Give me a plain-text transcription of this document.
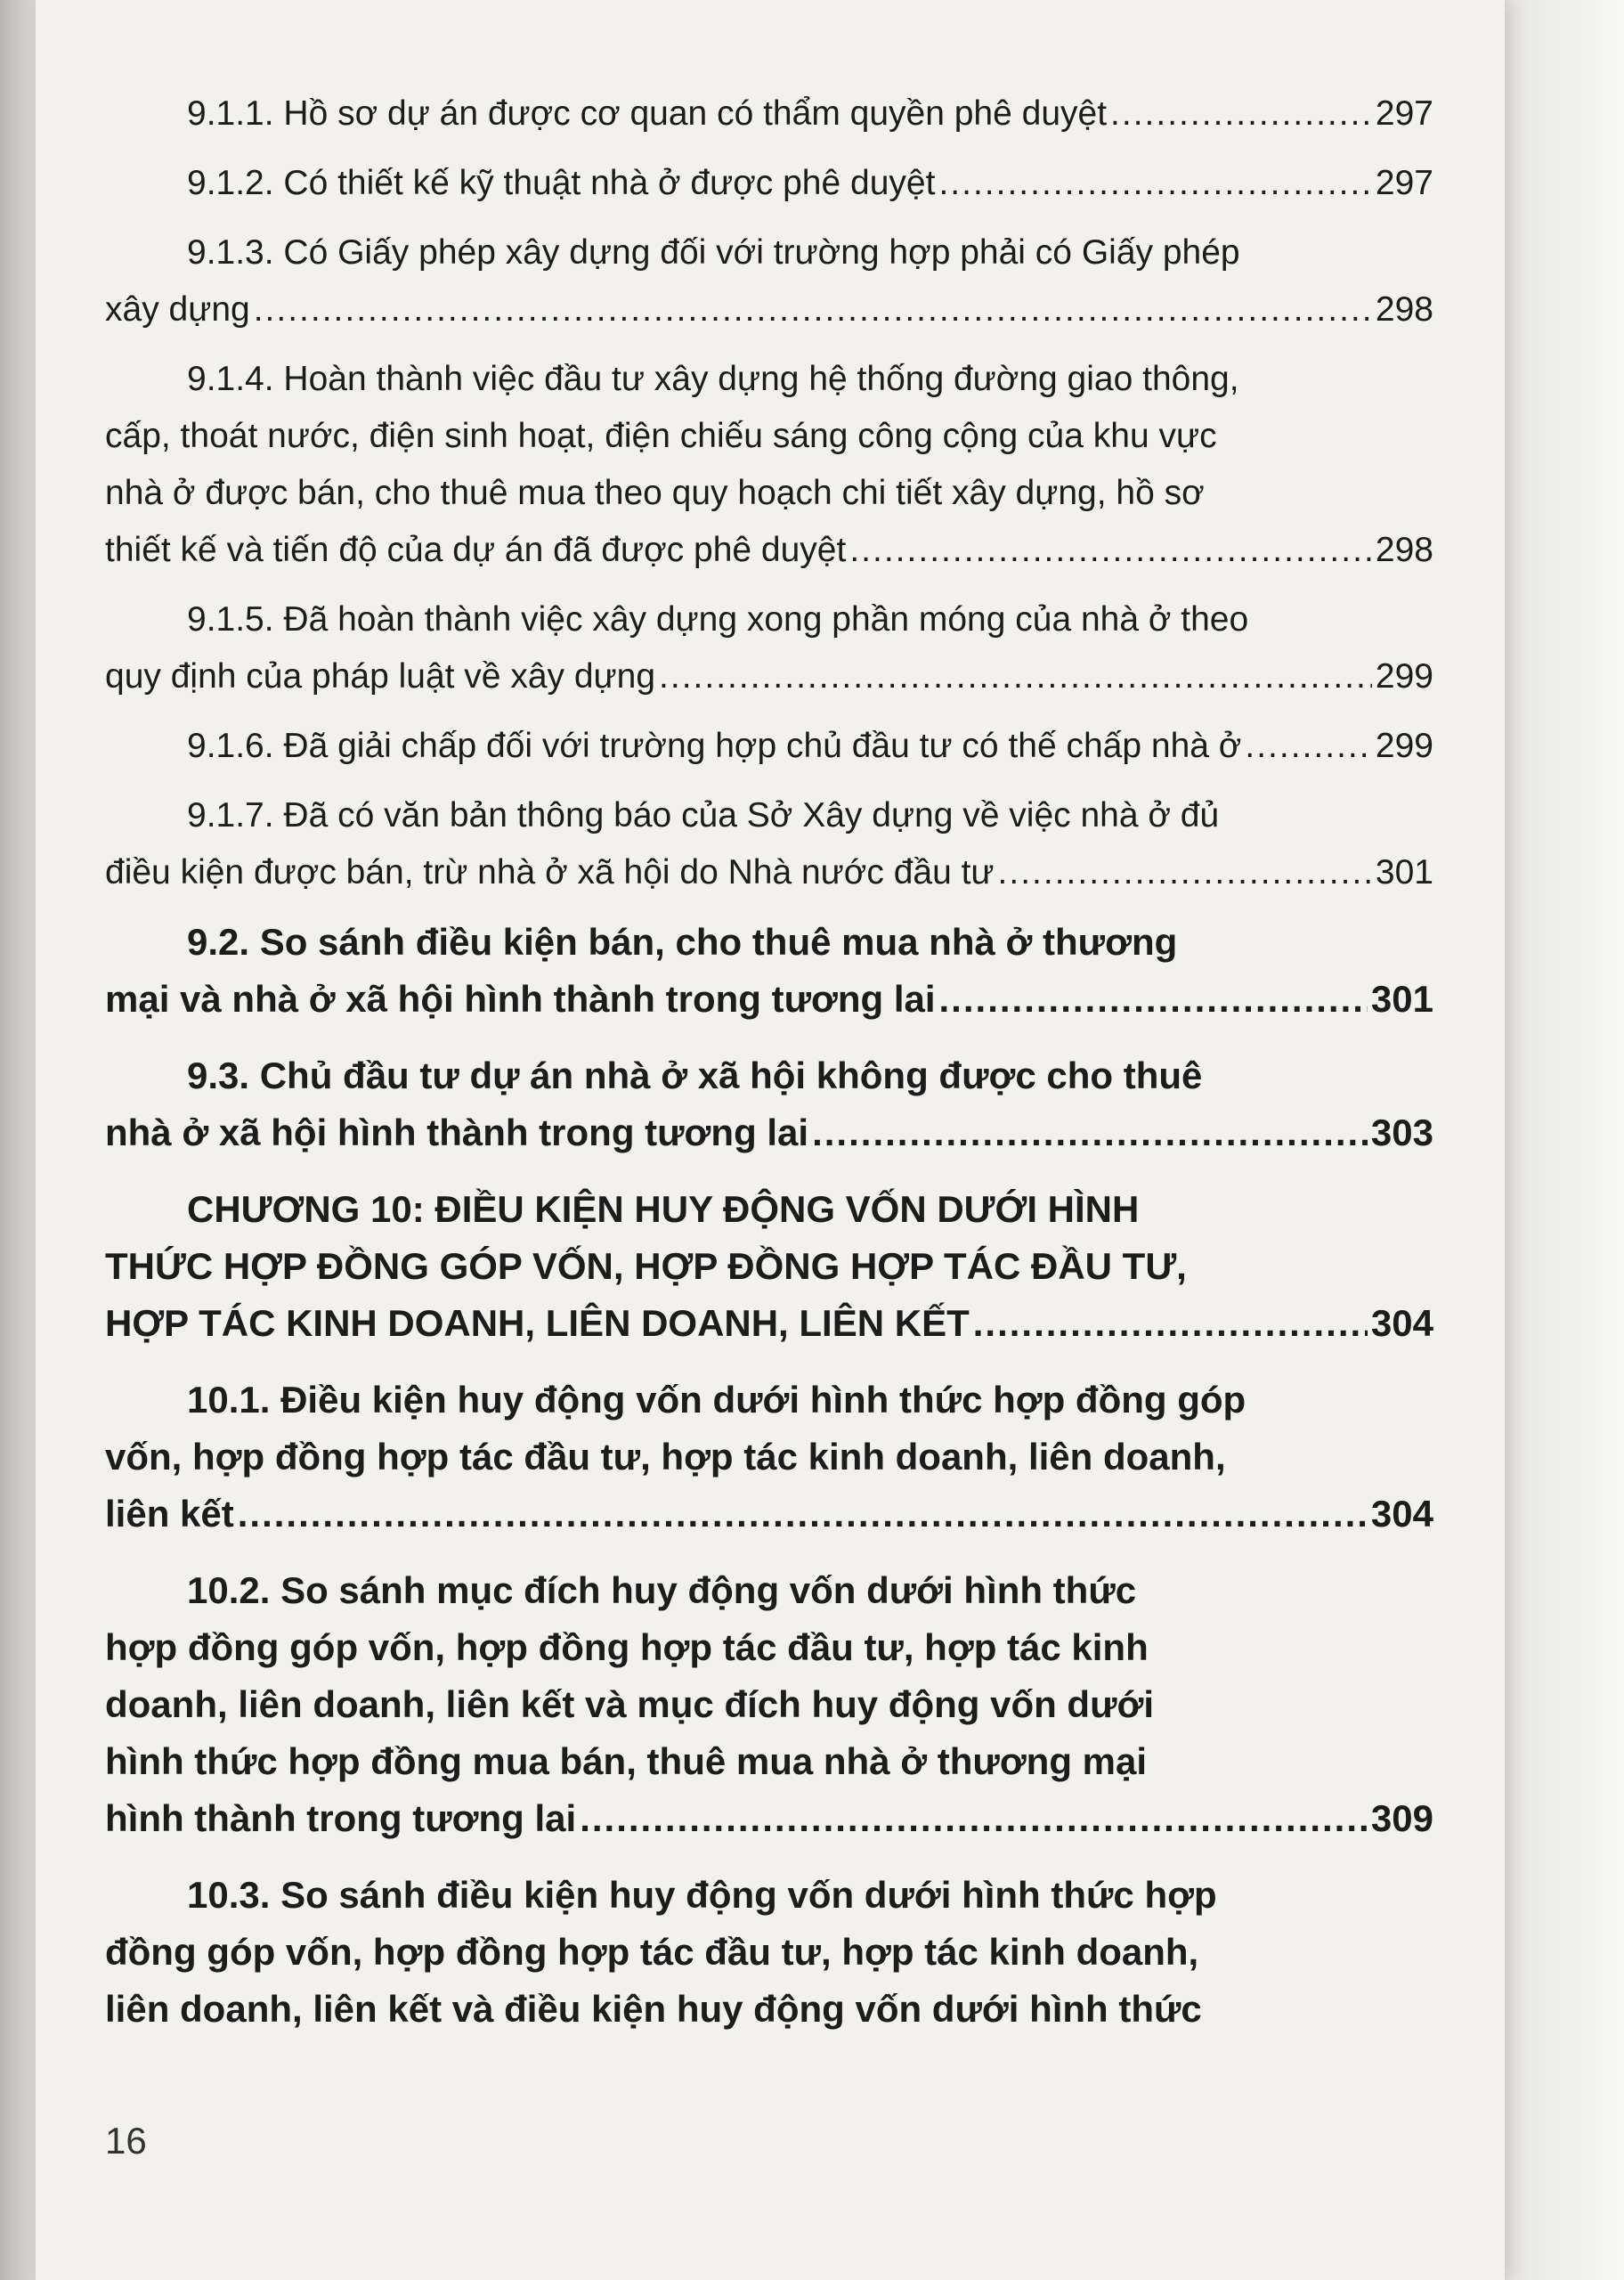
9.1.1. Hồ sơ dự án được cơ quan có thẩm quyền phê duyệt .....	297
9.1.2. Có thiết kế kỹ thuật nhà ở được phê duyệt .....	297
9.1.3. Có Giấy phép xây dựng đối với trường hợp phải có Giấy phép
xây dựng .....	298
9.1.4. Hoàn thành việc đầu tư xây dựng hệ thống đường giao thông,
cấp, thoát nước, điện sinh hoạt, điện chiếu sáng công cộng của khu vực
nhà ở được bán, cho thuê mua theo quy hoạch chi tiết xây dựng, hồ sơ
thiết kế và tiến độ của dự án đã được phê duyệt .....	298
9.1.5. Đã hoàn thành việc xây dựng xong phần móng của nhà ở theo
quy định của pháp luật về xây dựng .....	299
9.1.6. Đã giải chấp đối với trường hợp chủ đầu tư có thế chấp nhà ở .....	299
9.1.7. Đã có văn bản thông báo của Sở Xây dựng về việc nhà ở đủ
điều kiện được bán, trừ nhà ở xã hội do Nhà nước đầu tư .....	301
9.2. So sánh điều kiện bán, cho thuê mua nhà ở thương
mại và nhà ở xã hội hình thành trong tương lai .....	301
9.3. Chủ đầu tư dự án nhà ở xã hội không được cho thuê
nhà ở xã hội hình thành trong tương lai .....	303
CHƯƠNG 10: ĐIỀU KIỆN HUY ĐỘNG VỐN DƯỚI HÌNH
THỨC HỢP ĐỒNG GÓP VỐN, HỢP ĐỒNG HỢP TÁC ĐẦU TƯ,
HỢP TÁC KINH DOANH, LIÊN DOANH, LIÊN KẾT .....	304
10.1. Điều kiện huy động vốn dưới hình thức hợp đồng góp
vốn, hợp đồng hợp tác đầu tư, hợp tác kinh doanh, liên doanh,
liên kết .....	304
10.2. So sánh mục đích huy động vốn dưới hình thức
hợp đồng góp vốn, hợp đồng hợp tác đầu tư, hợp tác kinh
doanh, liên doanh, liên kết và mục đích huy động vốn dưới
hình thức hợp đồng mua bán, thuê mua nhà ở thương mại
hình thành trong tương lai .....	309
10.3. So sánh điều kiện huy động vốn dưới hình thức hợp
đồng góp vốn, hợp đồng hợp tác đầu tư, hợp tác kinh doanh,
liên doanh, liên kết và điều kiện huy động vốn dưới hình thức
16
